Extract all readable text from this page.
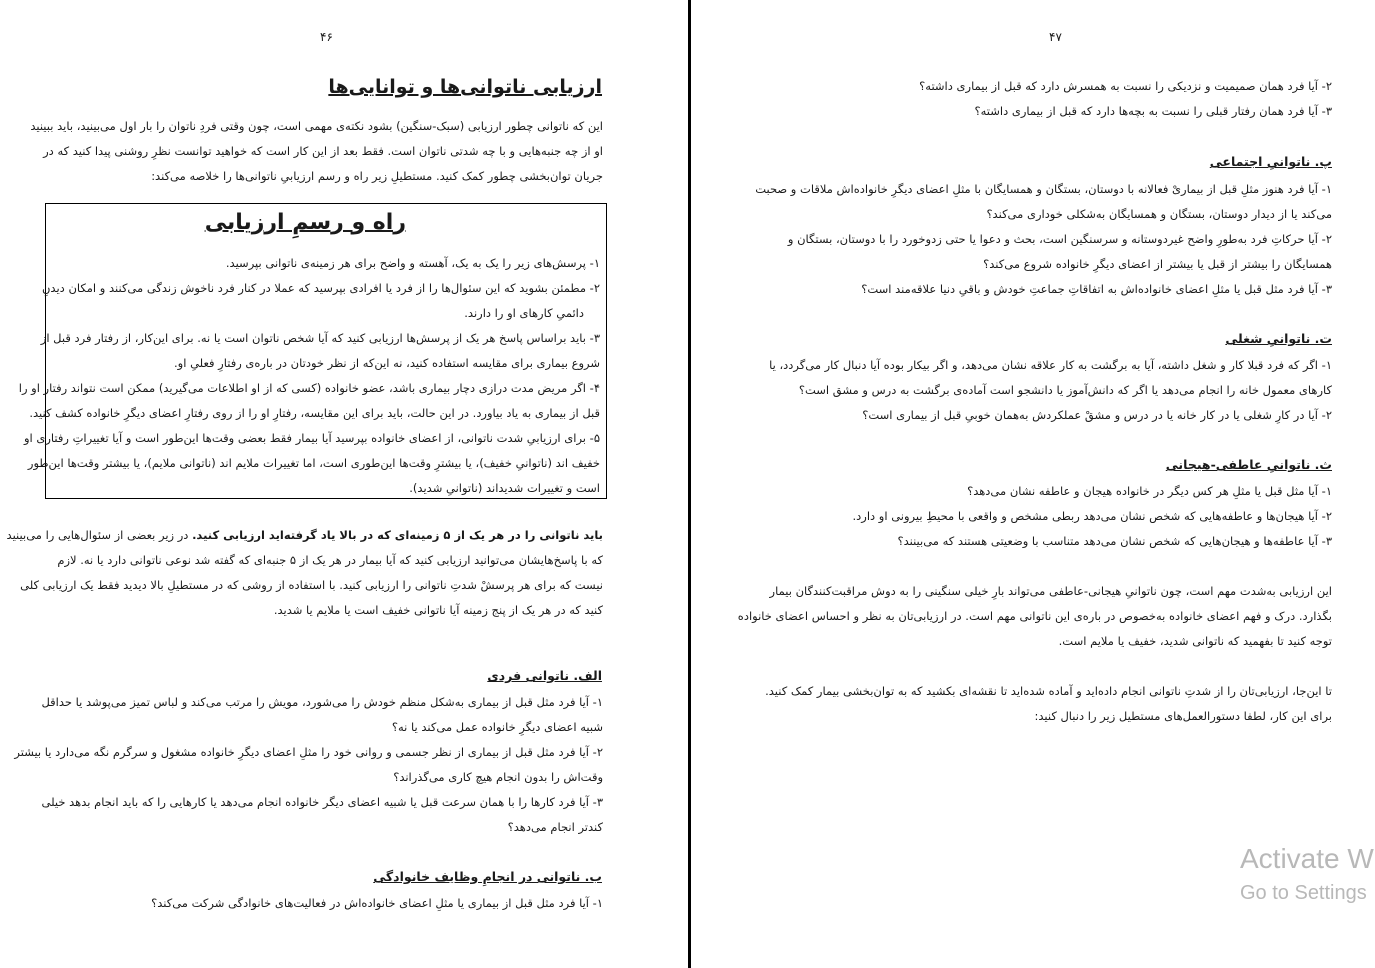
۴۶
ارزیابی ناتوانی‌ها و توانایی‌ها
این که ناتوانی چطور ارزیابی (سبک-سنگین) بشود نکته‌ی مهمی است، چون وقتی فردِ ناتوان را بار اول می‌بینید، باید ببینید
او از چه جنبه‌هایی و با چه شدتی ناتوان است. فقط بعد از این کار است که خواهید توانست نظرِ روشنی پیدا کنید که در
جریان توان‌بخشی چطور کمک کنید. مستطیلِ زیر راه و رسم ارزیابیِ ناتوانی‌ها را خلاصه می‌کند:
راه و رسمِ ارزیابی
۱- پرسش‌های زیر را یک به یک، آهسته و واضح برای هر زمینه‌ی ناتوانی بپرسید.
۲- مطمئن بشوید که این سئوال‌ها را از فرد یا افرادی بپرسید که عملا در کنار فرد ناخوش زندگی می‌کنند و امکان دیدنِ
دائمیِ کارهای او را دارند.
۳- باید براساس پاسخ هر یک از پرسش‌ها ارزیابی کنید که آیا شخص ناتوان است یا نه. برای این‌کار، از رفتار فرد قبل از
شروع بیماری برای مقایسه استفاده کنید، نه این‌که از نظر خودتان در باره‌ی رفتارِ فعلی‌ِ او.
۴- اگر مریض مدت درازی دچار بیماری باشد، عضو خانواده (کسی که از او اطلاعات می‌گیرید) ممکن است نتواند رفتار او را
قبل از بیماری به یاد بیاورد. در این حالت، باید برای این مقایسه، رفتارِ او را از روی رفتارِ اعضای دیگرِ خانواده کشف کنید.
۵- برای ارزیابیِ شدت ناتوانی، از اعضای خانواده بپرسید آیا بیمار فقط بعضی وقت‌ها این‌طور است و آیا تغییراتِ رفتاری او
خفیف اند (ناتوانیِ خفیف)، یا بیشترِ وقت‌ها این‌طوری است، اما تغییرات ملایم اند (ناتوانی ملایم)، یا بیشتر وقت‌ها این‌طور
است و تغییرات شدیداند (ناتوانیِ شدید).
باید ناتوانی را در هر یک از ۵ زمینه‌ای که در بالا یاد گرفته‌اید ارزیابی کنید. در زیر بعضی از سئوال‌هایی را می‌بینید
که با پاسخ‌هایشان می‌توانید ارزیابی کنید که آیا بیمار در هر یک از ۵ جنبه‌ای که گفته شد نوعی ناتوانی دارد یا نه. لازم
نیست که برای هر پرسشْ شدتِ ناتوانی را ارزیابی کنید. با استفاده از روشی که در مستطیلِ بالا دیدید فقط یک ارزیابی کلی
کنید که در هر یک از پنج زمینه آیا ناتوانی خفیف است یا ملایم یا شدید.
الف. ناتوانی فردی
۱- آیا فرد مثل قبل از بیماری به‌شکل منظم خودش را می‌شورد، مویش را مرتب می‌کند و لباس تمیز می‌پوشد یا حداقل
شبیه اعضای دیگرِ خانواده عمل می‌کند یا نه؟
۲- آیا فرد مثل قبل از بیماری از نظر جسمی و روانی خود را مثلِ اعضای دیگرِ خانواده مشغول و سرگرم نگه می‌دارد یا بیشتر
وقت‌اش را بدون انجام هیچ کاری می‌گذراند؟
۳- آیا فرد کارها را با همان سرعت قبل یا شبیه اعضای دیگر خانواده انجام می‌دهد یا کارهایی را که باید انجام بدهد خیلی
کندتر انجام می‌دهد؟
ب. ناتوانی در انجامِ وظایف خانوادگی
۱- آیا فرد مثل قبل از بیماری یا مثلِ اعضای خانواده‌اش در فعالیت‌های خانوادگی شرکت می‌کند؟
۴۷
۲- آیا فرد همان صمیمیت و نزدیکی را نسبت به همسرش دارد که قبل از بیماری داشته؟
۳- آیا فرد همان رفتار قبلی را نسبت به بچه‌ها دارد که قبل از بیماری داشته؟
پ. ناتوانیِ اجتماعی
۱- آیا فرد هنوز مثلِ قبل از بیماریْ فعالانه با دوستان، بستگان و همسایگان با مثلِ اعضای دیگرِ خانواده‌اش ملاقات و صحبت
می‌کند یا از دیدار دوستان، بستگان و همسایگان به‌شکلی خوداری می‌کند؟
۲- آیا حرکاتِ فرد به‌طورِ واضح غیردوستانه و سرسنگین است، بحث و دعوا یا حتی زدوخورد را با دوستان، بستگان و
همسایگان را بیشتر از قبل یا بیشتر از اعضای دیگرِ خانواده شروع می‌کند؟
۳- آیا فرد مثل قبل یا مثلِ اعضای خانواده‌اش به اتفاقاتِ جماعتِ خودش و باقیِ دنیا علاقه‌مند است؟
ت. ناتوانیِ شغلی
۱- اگر که فرد قبلا کار و شغل داشته، آیا به برگشت به کار علاقه نشان می‌دهد، و اگر بیکار بوده آیا دنبال کار می‌گردد، یا
کارهای معمول خانه را انجام می‌دهد یا اگر که دانش‌آموز یا دانشجو است آماده‌ی برگشت به درس و مشق است؟
۲- آیا در کارِ شغلی یا در کار خانه یا در درس و مشقْ عملکردش به‌همان خوبیِ قبل از بیماری است؟
ث. ناتوانیِ عاطفی-هیجانی
۱- آیا مثل قبل یا مثلِ هر کس دیگر در خانواده هیجان و عاطفه نشان می‌دهد؟
۲- آیا هیجان‌ها و عاطفه‌هایی که شخص نشان می‌دهد ربطی مشخص و واقعی با محیطِ بیرونی او دارد.
۳- آیا عاطفه‌ها و هیجان‌هایی که شخص نشان می‌دهد متناسب با وضعیتی هستند که می‌بینند؟
این ارزیابی به‌شدت مهم است، چون ناتوانیِ هیجانی-عاطفی می‌تواند بارِ خیلی سنگینی را به دوش مراقبت‌کنندگان بیمار
بگذارد. درک و فهم اعضای خانواده به‌خصوص در باره‌ی این ناتوانی مهم است. در ارزیابی‌تان به نظر و احساس اعضای خانواده
توجه کنید تا بفهمید که ناتوانی شدید، خفیف یا ملایم است.
تا این‌جا، ارزیابی‌تان را از شدتِ ناتوانی انجام داده‌اید و آماده شده‌اید تا نقشه‌ای بکشید که به توان‌بخشی بیمار کمک کنید.
برای این کار، لطفا دستورالعمل‌های مستطیل زیر را دنبال کنید:
Activate W
Go to Settings
